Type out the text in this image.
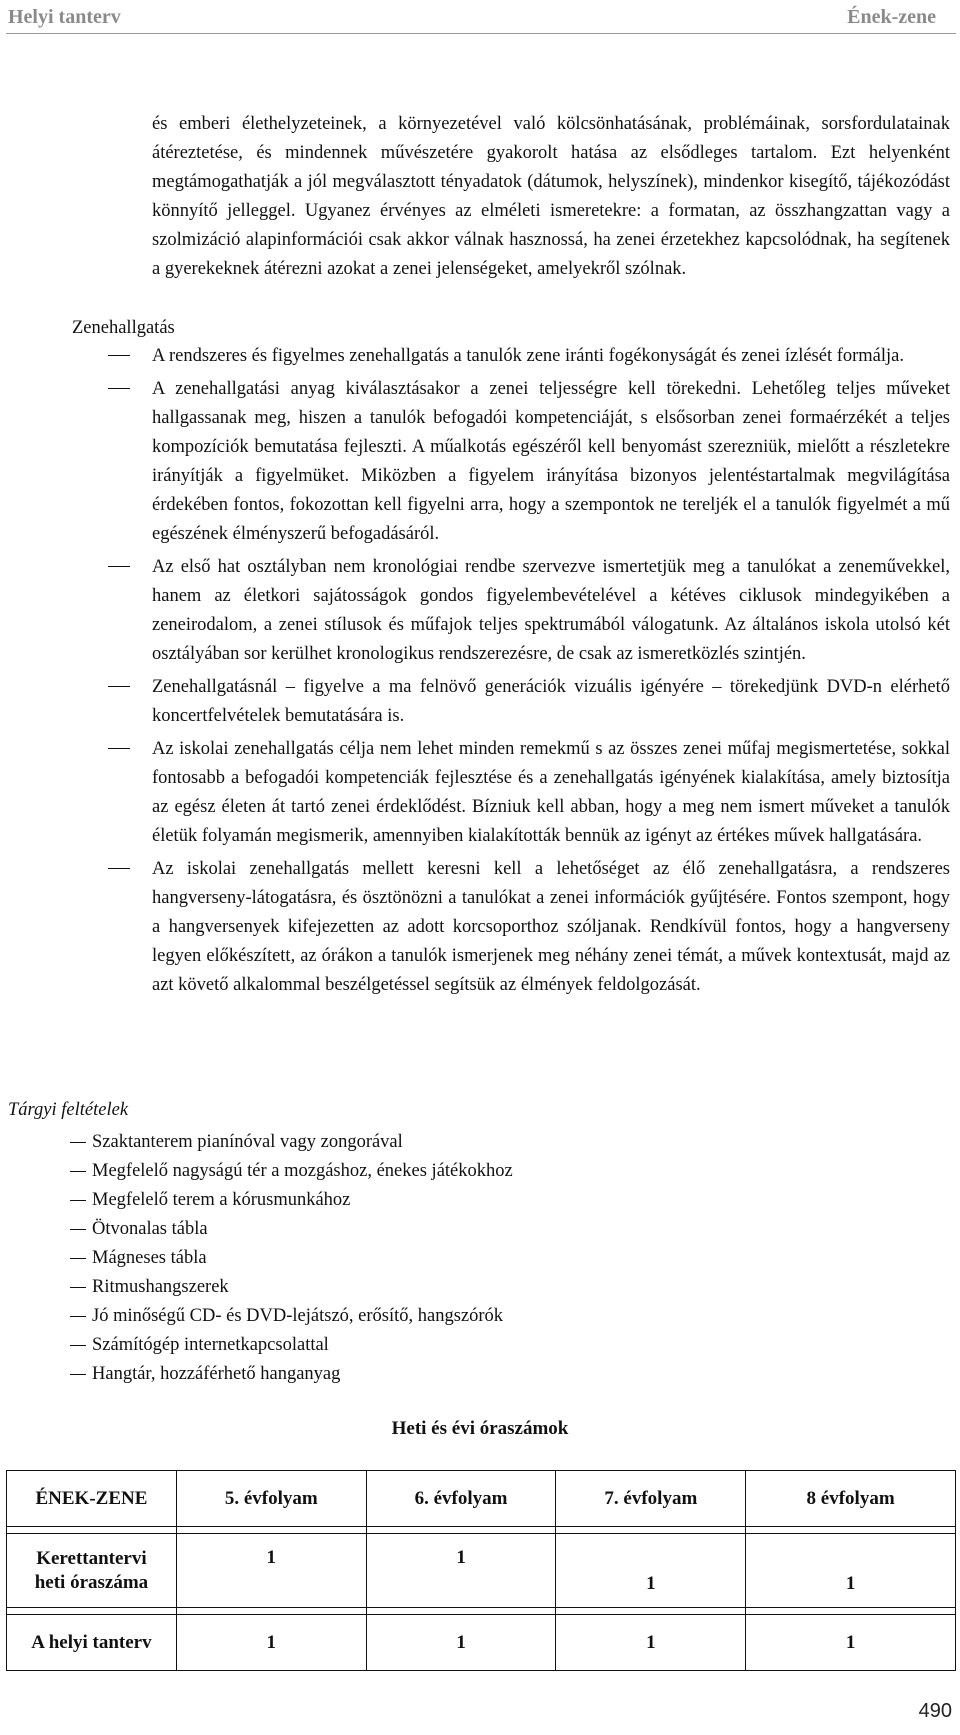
Helyi tanterv	Ének-zene

és emberi élethelyzeteinek, a környezetével való kölcsönhatásának, problémáinak, sorsfordulatainak átéreztetése, és mindennek művészetére gyakorolt hatása az elsődleges tartalom. Ezt helyenként megtámogathatják a jól megválasztott tényadatok (dátumok, helyszínek), mindenkor kisegítő, tájékozódást könnyítő jelleggel. Ugyanez érvényes az elméleti ismeretekre: a formatan, az összhangzattan vagy a szolmizáció alapinformációi csak akkor válnak hasznossá, ha zenei érzetekhez kapcsolódnak, ha segítenek a gyerekeknek átérezni azokat a zenei jelenségeket, amelyekről szólnak.

Zenehallgatás
A rendszeres és figyelmes zenehallgatás a tanulók zene iránti fogékonyságát és zenei ízlését formálja.
A zenehallgatási anyag kiválasztásakor a zenei teljességre kell törekedni. Lehetőleg teljes műveket hallgassanak meg, hiszen a tanulók befogadói kompetenciáját, s elsősorban zenei formaérzékét a teljes kompozíciók bemutatása fejleszti. A műalkotás egészéről kell benyomást szerezniük, mielőtt a részletekre irányítják a figyelmüket. Miközben a figyelem irányítása bizonyos jelentéstartalmak megvilágítása érdekében fontos, fokozottan kell figyelni arra, hogy a szempontok ne tereljék el a tanulók figyelmét a mű egészének élményszerű befogadásáról.
Az első hat osztályban nem kronológiai rendbe szervezve ismertetjük meg a tanulókat a zeneművekkel, hanem az életkori sajátosságok gondos figyelembevételével a kétéves ciklusok mindegyikében a zeneirodalom, a zenei stílusok és műfajok teljes spektrumából válogatunk. Az általános iskola utolsó két osztályában sor kerülhet kronologikus rendszerezésre, de csak az ismeretközlés szintjén.
Zenehallgatásnál – figyelve a ma felnövő generációk vizuális igényére – törekedjünk DVD-n elérhető koncertfelvételek bemutatására is.
Az iskolai zenehallgatás célja nem lehet minden remekmű s az összes zenei műfaj megismertetése, sokkal fontosabb a befogadói kompetenciák fejlesztése és a zenehallgatás igényének kialakítása, amely biztosítja az egész életen át tartó zenei érdeklődést. Bízniuk kell abban, hogy a meg nem ismert műveket a tanulók életük folyamán megismerik, amennyiben kialakították bennük az igényt az értékes művek hallgatására.
Az iskolai zenehallgatás mellett keresni kell a lehetőséget az élő zenehallgatásra, a rendszeres hangverseny-látogatásra, és ösztönözni a tanulókat a zenei információk gyűjtésére. Fontos szempont, hogy a hangversenyek kifejezetten az adott korcsoporthoz szóljanak. Rendkívül fontos, hogy a hangverseny legyen előkészített, az órákon a tanulók ismerjenek meg néhány zenei témát, a művek kontextusát, majd az azt követő alkalommal beszélgetéssel segítsük az élmények feldolgozását.
Tárgyi feltételek
Szaktanterem pianínóval vagy zongorával
Megfelelő nagyságú tér a mozgáshoz, énekes játékokhoz
Megfelelő terem a kórusmunkához
Ötvonalas tábla
Mágneses tábla
Ritmushangszerek
Jó minőségű CD- és DVD-lejátszó, erősítő, hangszórók
Számítógép internetkapcsolattal
Hangtár, hozzáférhető hanganyag
Heti és évi óraszámok
ÉNEK-ZENE	5. évfolyam	6. évfolyam	7. évfolyam	8 évfolyam

Kerettantervi
heti óraszáma	1	1	1	1

A helyi tanterv	1	1	1	1
490
